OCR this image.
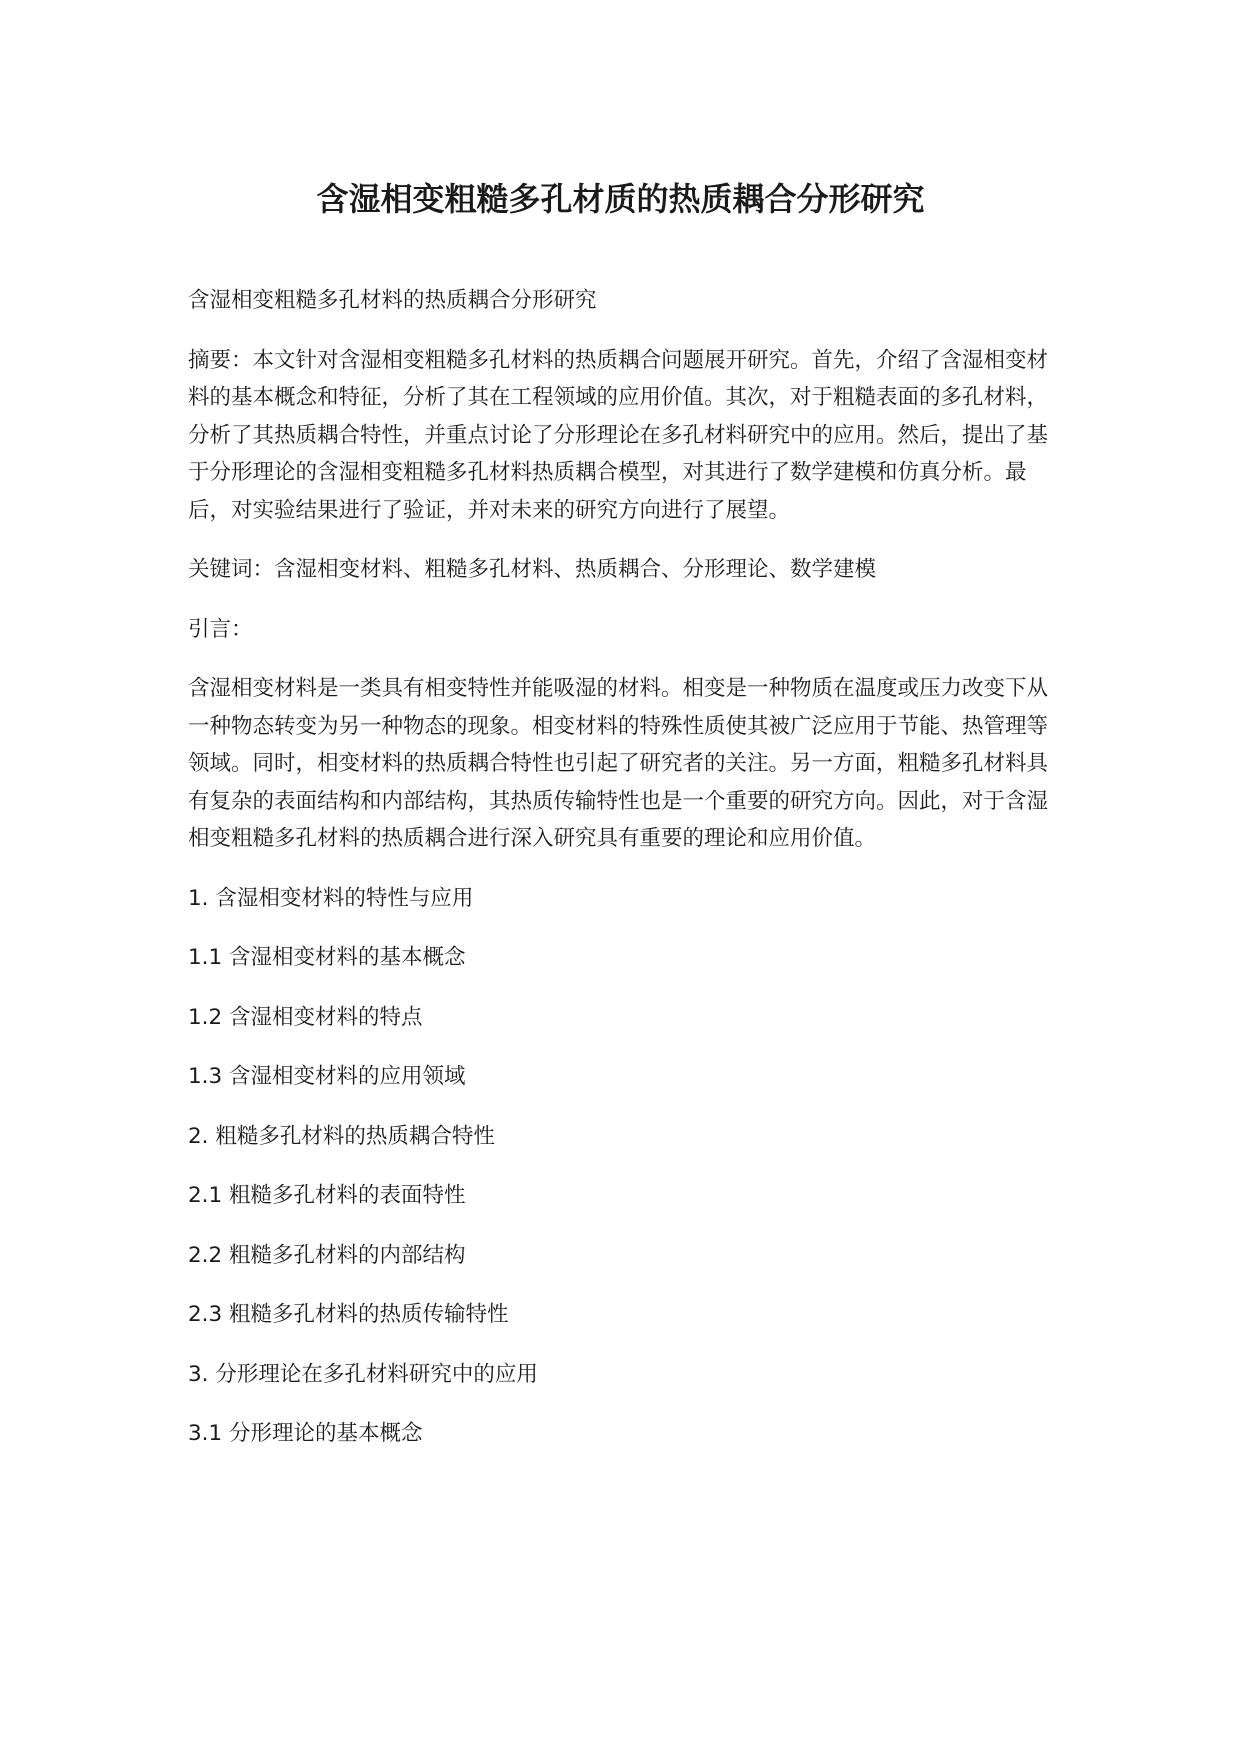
含湿相变粗糙多孔材质的热质耦合分形研究

含湿相变粗糙多孔材料的热质耦合分形研究

摘要：本文针对含湿相变粗糙多孔材料的热质耦合问题展开研究。首先，介绍了含湿相变材料的基本概念和特征，分析了其在工程领域的应用价值。其次，对于粗糙表面的多孔材料，分析了其热质耦合特性，并重点讨论了分形理论在多孔材料研究中的应用。然后，提出了基于分形理论的含湿相变粗糙多孔材料热质耦合模型，对其进行了数学建模和仿真分析。最后，对实验结果进行了验证，并对未来的研究方向进行了展望。

关键词：含湿相变材料、粗糙多孔材料、热质耦合、分形理论、数学建模

引言：

含湿相变材料是一类具有相变特性并能吸湿的材料。相变是一种物质在温度或压力改变下从一种物态转变为另一种物态的现象。相变材料的特殊性质使其被广泛应用于节能、热管理等领域。同时，相变材料的热质耦合特性也引起了研究者的关注。另一方面，粗糙多孔材料具有复杂的表面结构和内部结构，其热质传输特性也是一个重要的研究方向。因此，对于含湿相变粗糙多孔材料的热质耦合进行深入研究具有重要的理论和应用价值。

1. 含湿相变材料的特性与应用

1.1 含湿相变材料的基本概念

1.2 含湿相变材料的特点

1.3 含湿相变材料的应用领域

2. 粗糙多孔材料的热质耦合特性

2.1 粗糙多孔材料的表面特性

2.2 粗糙多孔材料的内部结构

2.3 粗糙多孔材料的热质传输特性

3. 分形理论在多孔材料研究中的应用

3.1 分形理论的基本概念
